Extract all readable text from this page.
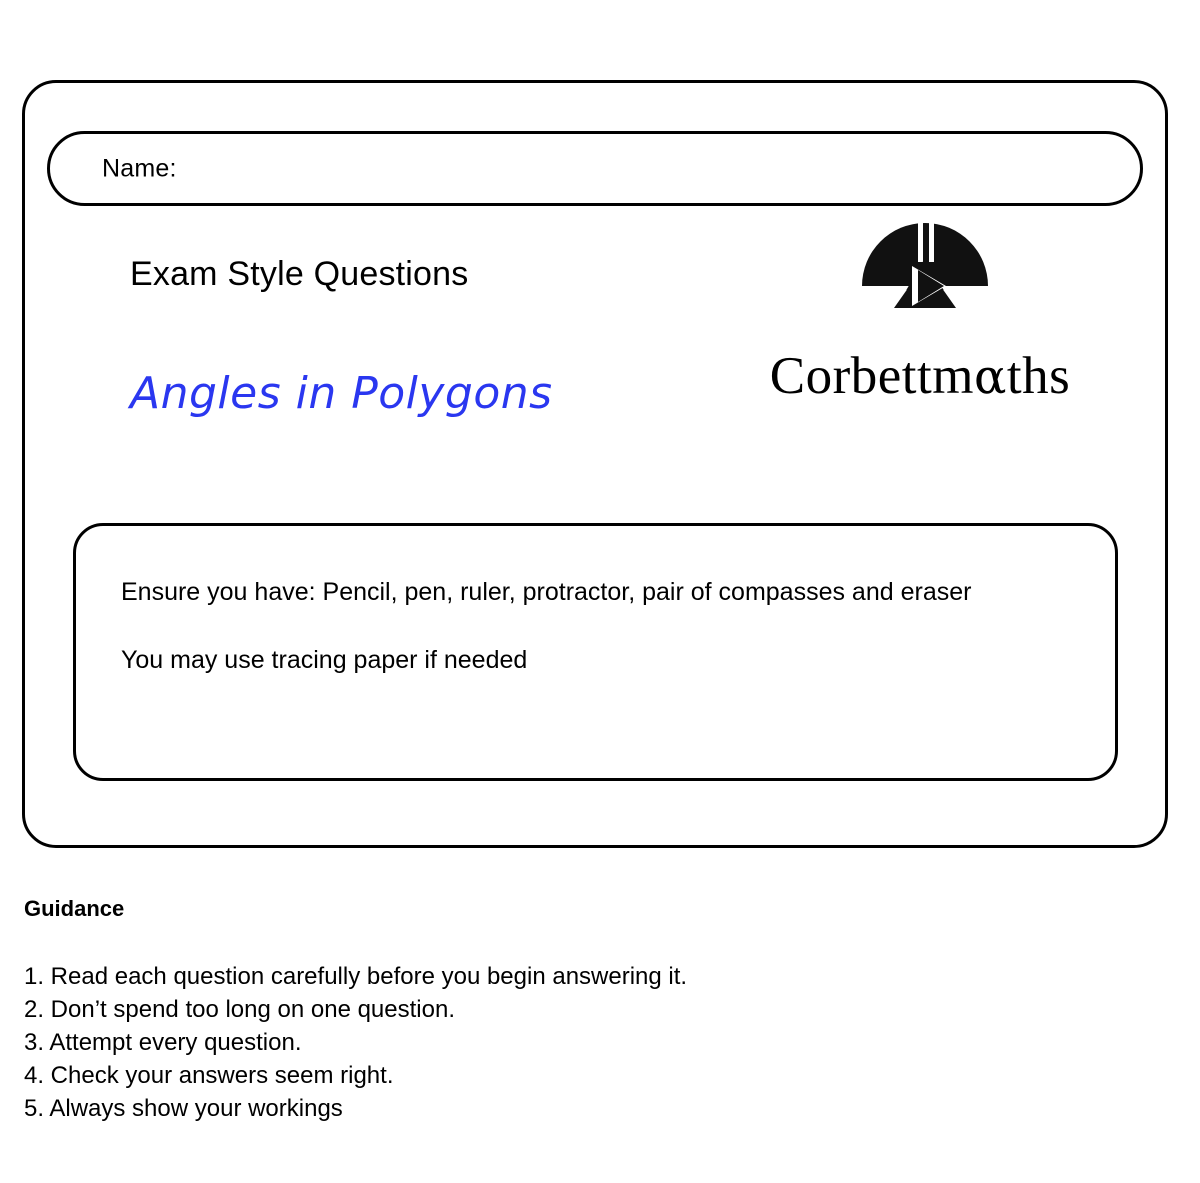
Name:
Exam Style Questions
Angles in Polygons	Corbettmαths
Ensure you have: Pencil, pen, ruler, protractor, pair of compasses and eraser
You may use tracing paper if needed
Guidance
1. Read each question carefully before you begin answering it.
2. Don’t spend too long on one question.
3. Attempt every question.
4. Check your answers seem right.
5. Always show your workings
